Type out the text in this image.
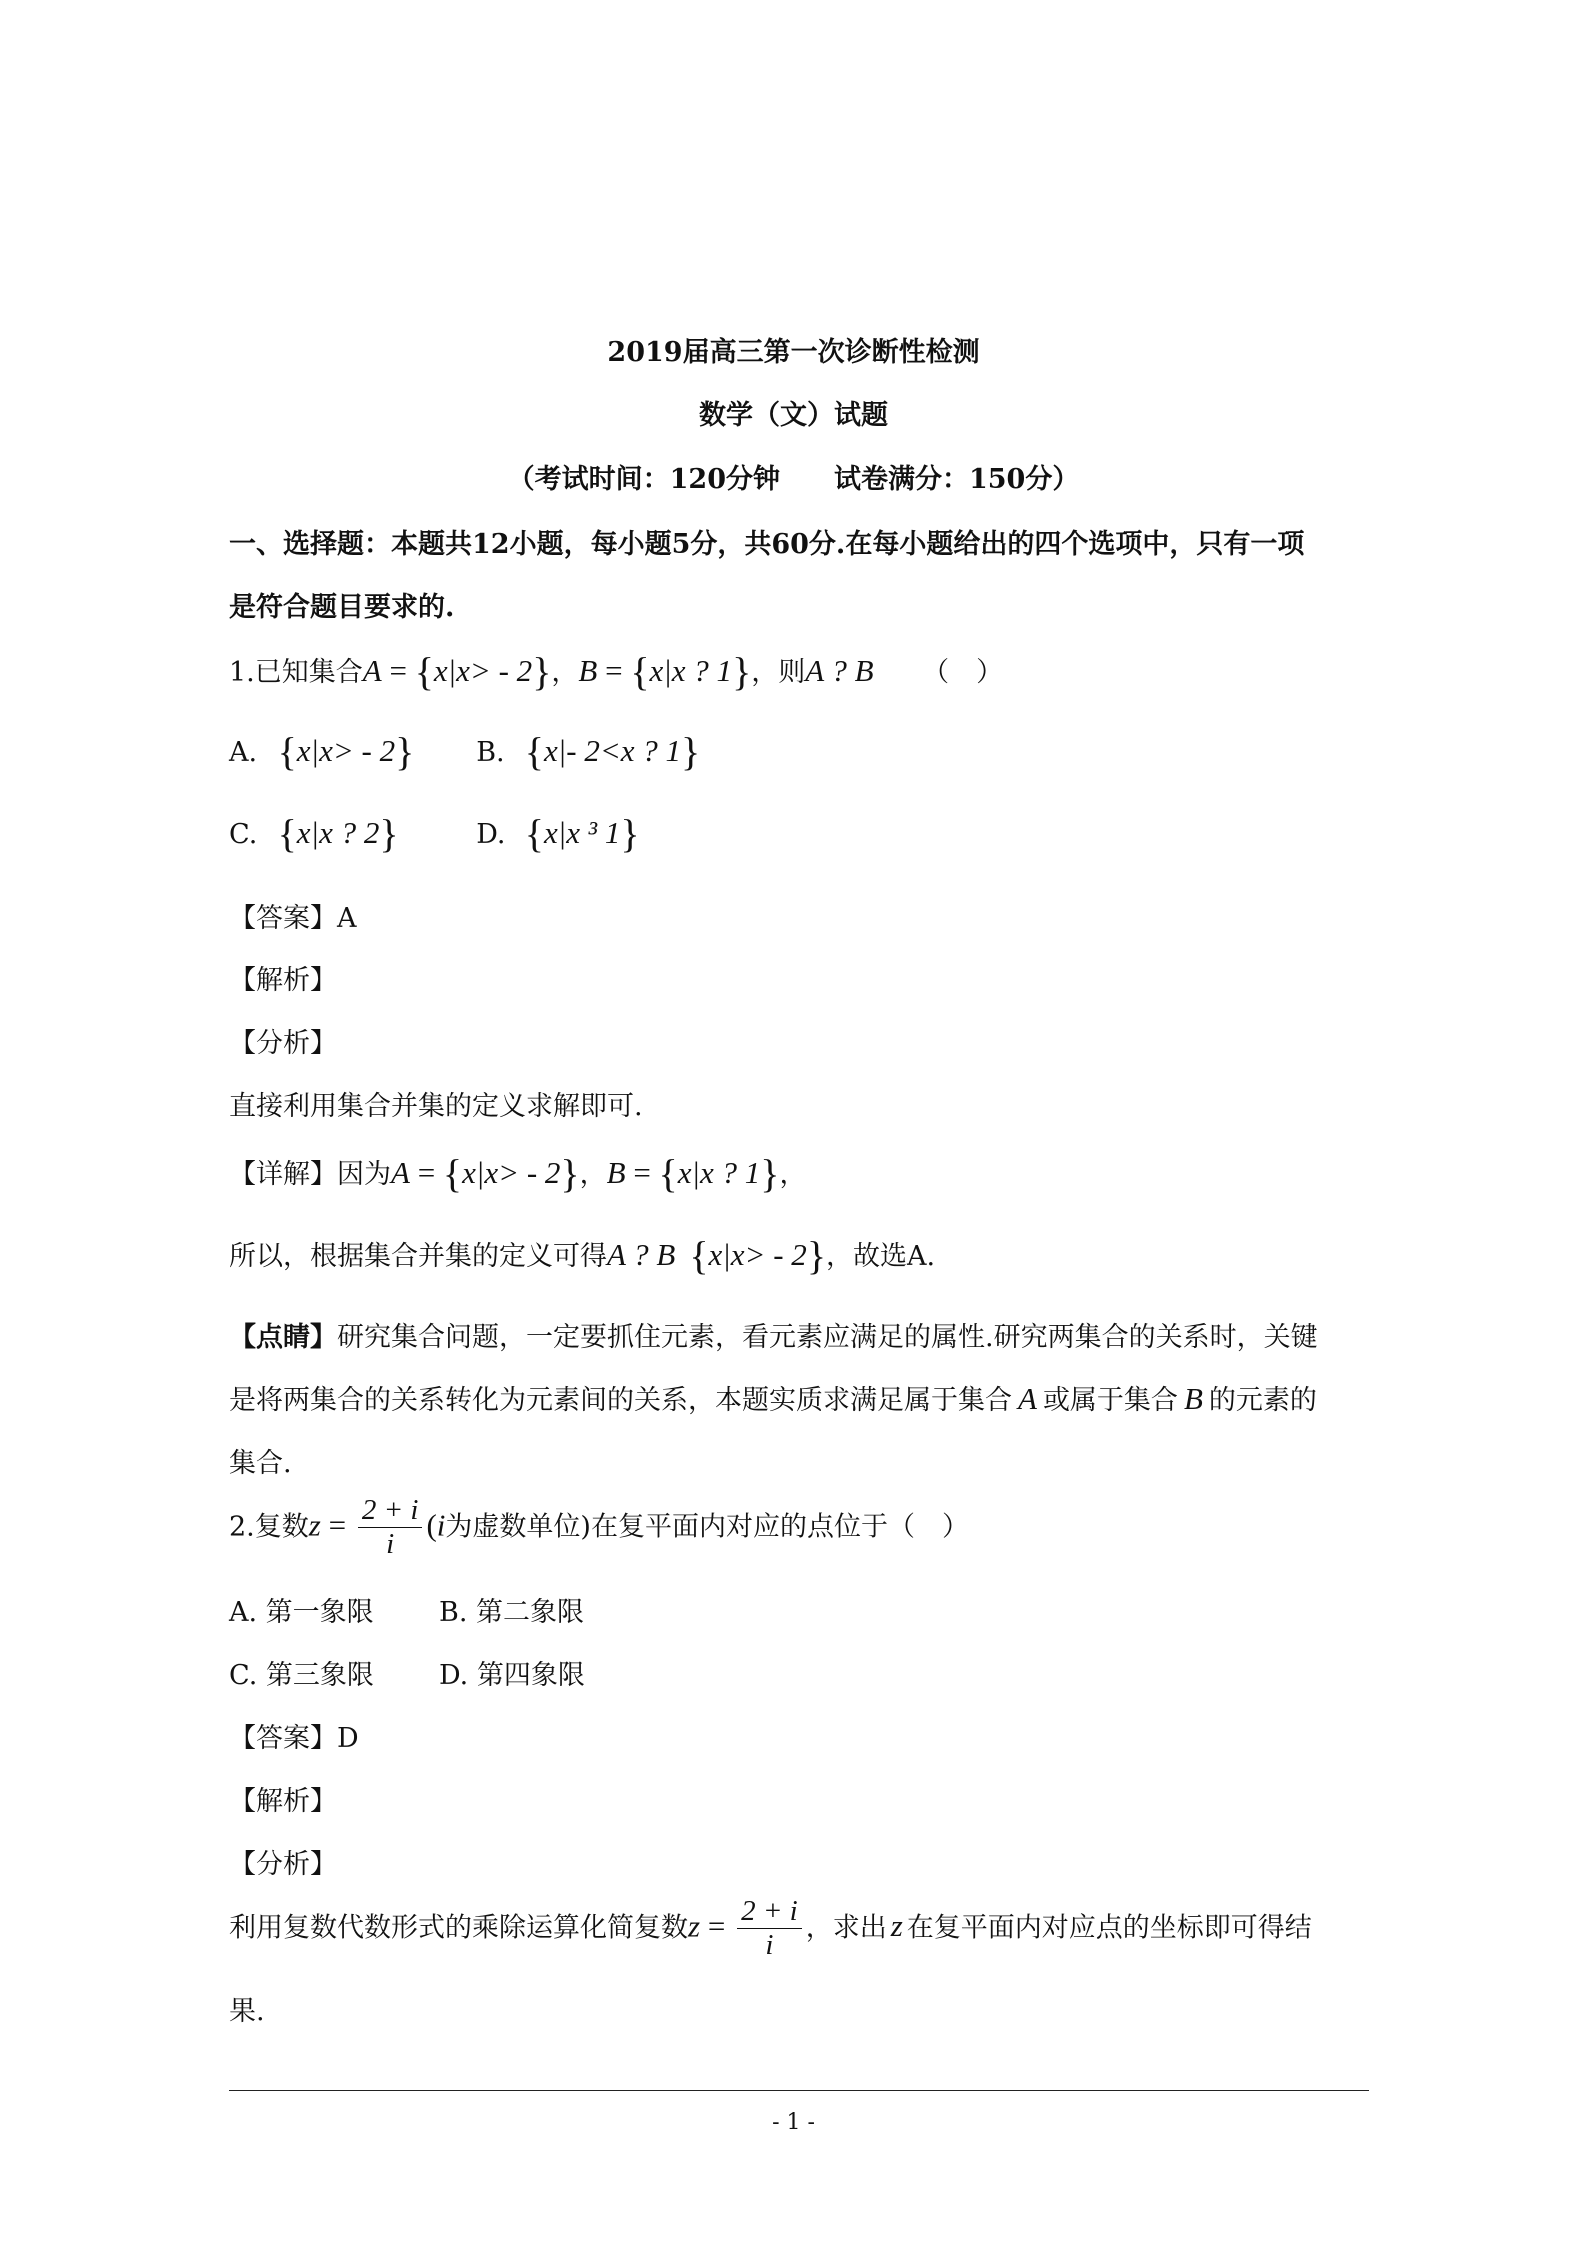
2019届高三第一次诊断性检测
数学（文）试题
（考试时间：120分钟　　试卷满分：150分）
一、选择题：本题共12小题，每小题5分，共60分.在每小题给出的四个选项中，只有一项
是符合题目要求的.
1.已知集合A = {x|x> - 2}，B = {x|x ? 1}，则A ? B （　）
A. {x|x> - 2} B. {x|- 2<x ? 1}
C. {x|x ? 2}	D. {x|x ³ 1}
【答案】A
【解析】
【分析】
直接利用集合并集的定义求解即可.
【详解】因为A = {x|x> - 2}，B = {x|x ? 1}，
所以，根据集合并集的定义可得A ? B {x|x> - 2}，故选A.
【点睛】研究集合问题，一定要抓住元素，看元素应满足的属性.研究两集合的关系时，关键
是将两集合的关系转化为元素间的关系，本题实质求满足属于集合 A 或属于集合 B 的元素的
集合.
2.复数$z = \frac{2 + i}{i} (i$为虚数单位)在复平面内对应的点位于（　）
A. 第一象限 B. 第二象限
C. 第三象限 D. 第四象限
【答案】D
【解析】
【分析】
利用复数代数形式的乘除运算化简复数$z = \frac{2 + i}{i}$ ，求出 z 在复平面内对应点的坐标即可得结
果.
- 1 -
